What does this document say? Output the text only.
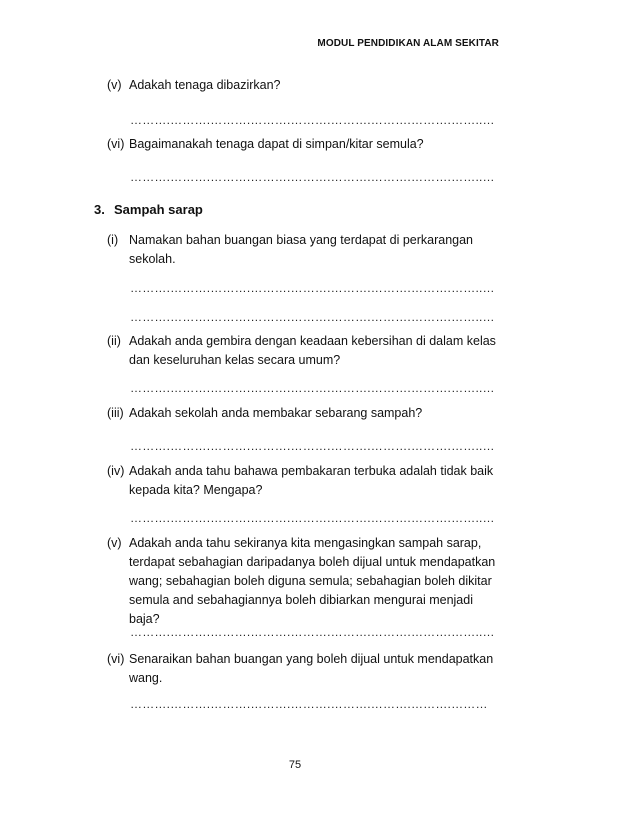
MODUL PENDIDIKAN ALAM SEKITAR
(v) Adakah tenaga dibazirkan?
……….……….……….……….……….……….……….……….……..…
(vi) Bagaimanakah tenaga dapat di simpan/kitar semula?
……….……….……….……….……….……….……….……….……..…
3. Sampah sarap
(i) Namakan bahan buangan biasa yang terdapat di perkarangan
sekolah.
……….……….……….……….……….……….……….……….……..…
……….……….……….……….……….……….……….……….……..…
(ii) Adakah anda gembira dengan keadaan kebersihan di dalam kelas
dan keseluruhan kelas secara umum?
……….……….……….……….……….……….……….……….……..…
(iii) Adakah sekolah anda membakar sebarang sampah?
……….……….……….……….……….……….……….……….……..…
(iv) Adakah anda tahu bahawa pembakaran terbuka adalah tidak baik
kepada kita? Mengapa?
……….……….……….……….……….……….……….……….……..…
(v) Adakah anda tahu sekiranya kita mengasingkan sampah sarap,
terdapat sebahagian daripadanya boleh dijual untuk mendapatkan
wang; sebahagian boleh diguna semula; sebahagian boleh dikitar
semula and sebahagiannya boleh dibiarkan mengurai menjadi
baja?
……….……….……….……….……….……….……….……….……..…
(vi) Senaraikan bahan buangan yang boleh dijual untuk mendapatkan
wang.
……….……….……….……….……….……….……….……….………
75
